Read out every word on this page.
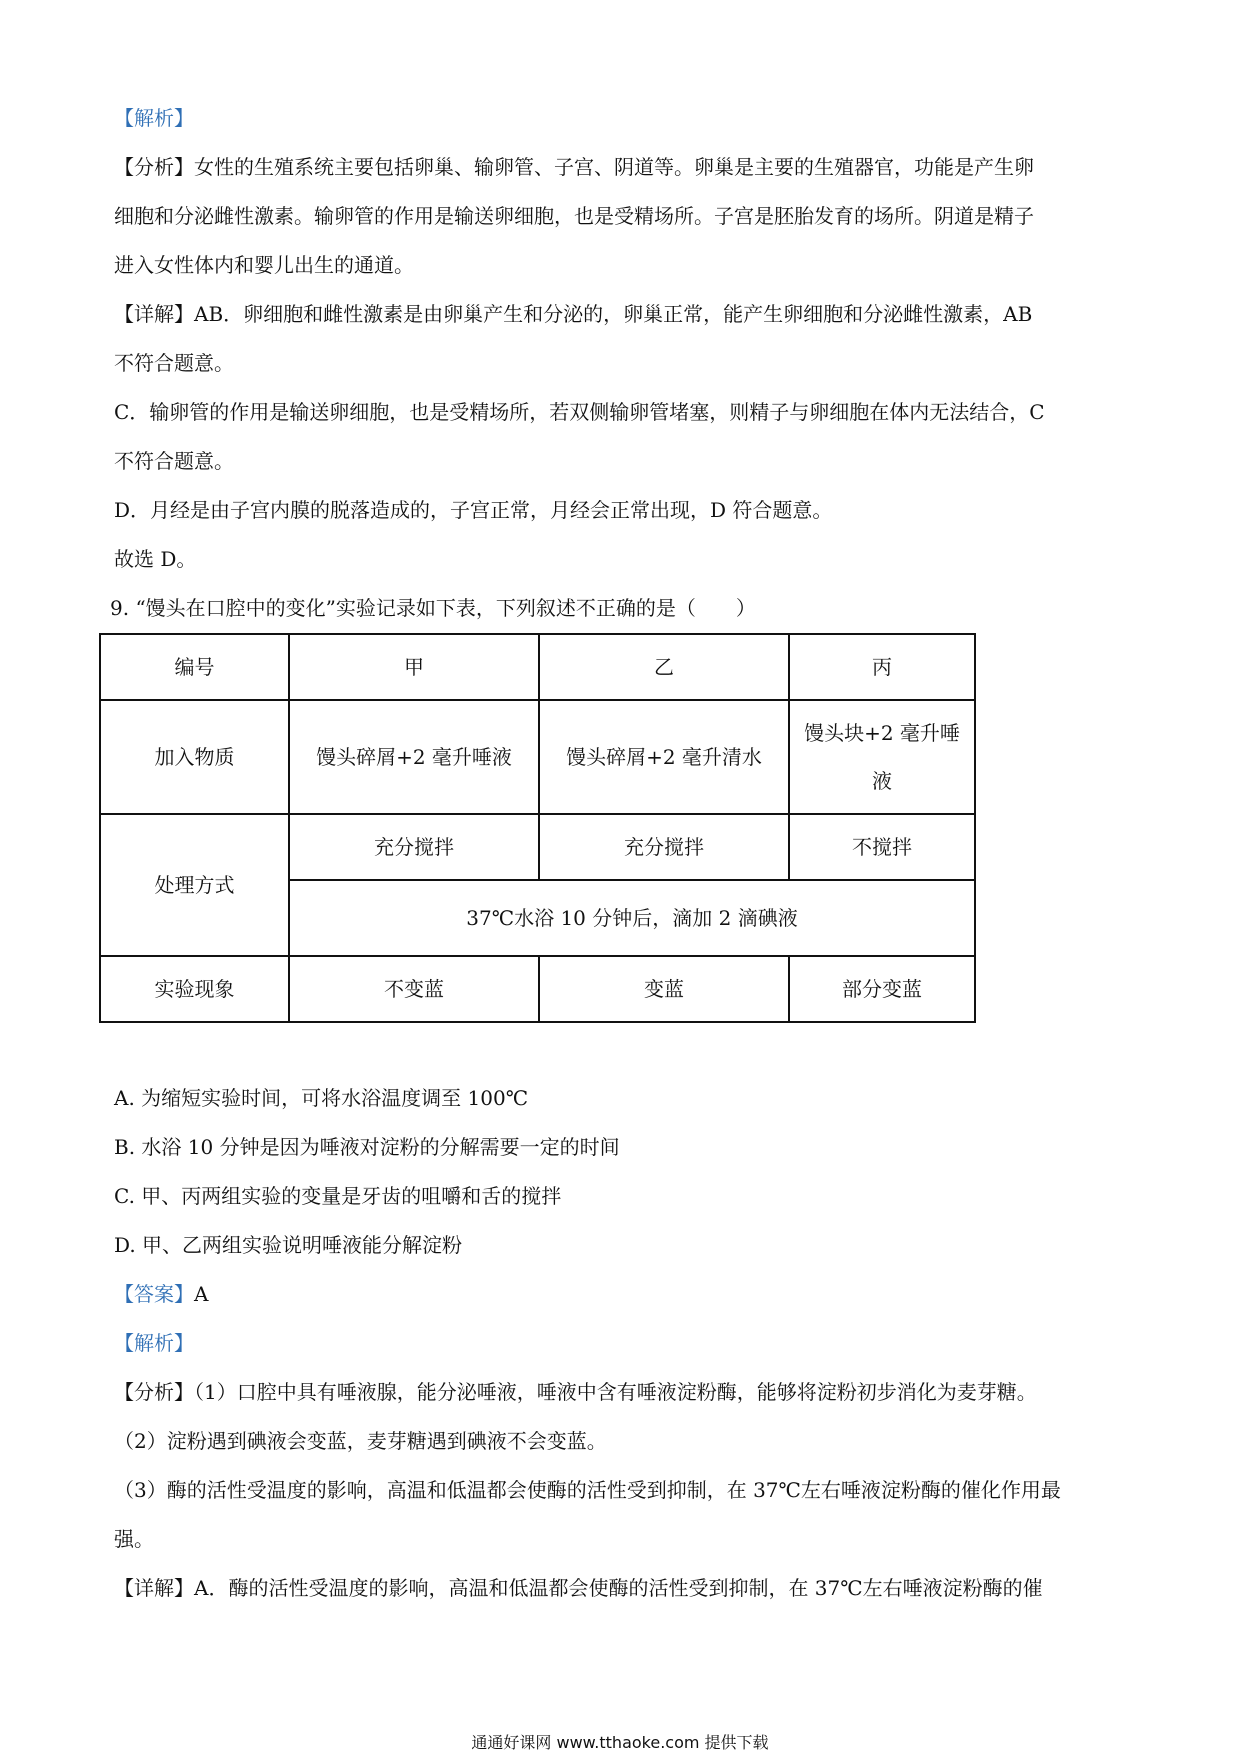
【解析】
【分析】女性的生殖系统主要包括卵巢、输卵管、子宫、阴道等。卵巢是主要的生殖器官，功能是产生卵
细胞和分泌雌性激素。输卵管的作用是输送卵细胞，也是受精场所。子宫是胚胎发育的场所。阴道是精子
进入女性体内和婴儿出生的通道。
【详解】AB．卵细胞和雌性激素是由卵巢产生和分泌的，卵巢正常，能产生卵细胞和分泌雌性激素，AB
不符合题意。
C．输卵管的作用是输送卵细胞，也是受精场所，若双侧输卵管堵塞，则精子与卵细胞在体内无法结合，C
不符合题意。
D．月经是由子宫内膜的脱落造成的，子宫正常，月经会正常出现，D 符合题意。
故选 D。
9. “馒头在口腔中的变化”实验记录如下表，下列叙述不正确的是（　　）
编号	甲	乙	丙
加入物质	馒头碎屑+2 毫升唾液	馒头碎屑+2 毫升清水	馒头块+2 毫升唾液
处理方式	充分搅拌	充分搅拌	不搅拌
	37℃水浴 10 分钟后，滴加 2 滴碘液		
实验现象	不变蓝	变蓝	部分变蓝
A. 为缩短实验时间，可将水浴温度调至 100℃
B. 水浴 10 分钟是因为唾液对淀粉的分解需要一定的时间
C. 甲、丙两组实验的变量是牙齿的咀嚼和舌的搅拌
D. 甲、乙两组实验说明唾液能分解淀粉
【答案】A
【解析】
【分析】（1）口腔中具有唾液腺，能分泌唾液，唾液中含有唾液淀粉酶，能够将淀粉初步消化为麦芽糖。
（2）淀粉遇到碘液会变蓝，麦芽糖遇到碘液不会变蓝。
（3）酶的活性受温度的影响，高温和低温都会使酶的活性受到抑制，在 37℃左右唾液淀粉酶的催化作用最
强。
【详解】A．酶的活性受温度的影响，高温和低温都会使酶的活性受到抑制，在 37℃左右唾液淀粉酶的催
通通好课网 www.tthaoke.com 提供下载
